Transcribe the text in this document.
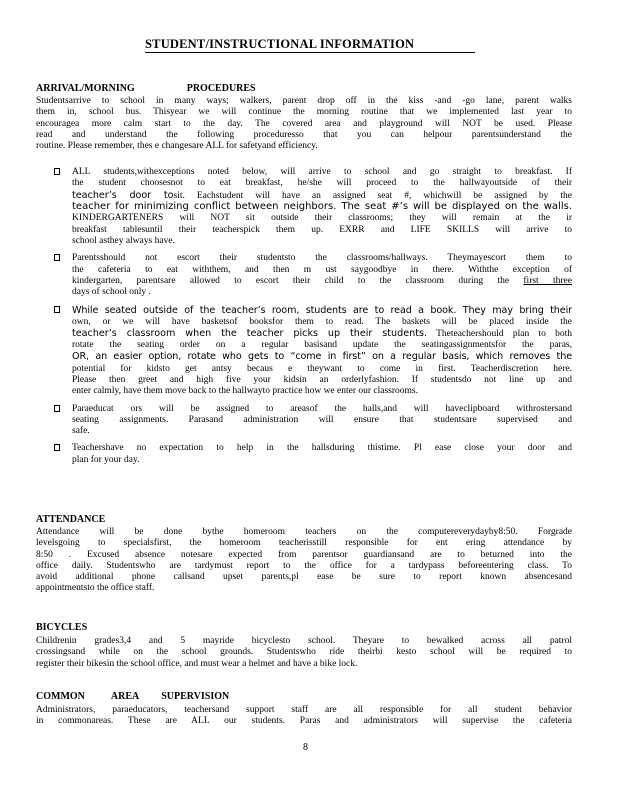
STUDENT/INSTRUCTIONAL INFORMATION
ARRIVAL/MORNING	PROCEDURES
Studentsarrive to school in many ways; walkers, parent drop off in the kiss -and -go lane, parent walks
them in, school bus. Thisyear we will continue the morning routine that we implemented last year to
encouragea more calm start to the day. The covered area and playground will NOT be used. Please
read and understand the following proceduresso that you can helpour parentsunderstand the
routine. Please remember, thes e changesare ALL for safetyand efficiency.
ALL students,withexceptions noted below, will arrive to school and go straight to breakfast. If
the student choosesnot to eat breakfast, he/she will proceed to the hallwayoutside of their
teacher’s door tosit. Eachstudent will have an assigned seat #, whichwill be assigned by the
teacher for minimizing conflict between neighbors. The seat #’s will be displayed on the walls.
KINDERGARTENERS will NOT sit outside their classrooms; they will remain at the ir
breakfast tablesuntil their teacherspick them up. EXRR and LIFE SKILLS will arrive to
school asthey always have.
Parentsshould not escort their studentsto the classrooms/hallways. Theymayescort them to
the cafeteria to eat withthem, and then m ust saygoodbye in there. Withthe exception of
kindergarten, parentsare allowed to escort their child to the classroom during the first three
days of school only .
While seated outside of the teacher’s room, students are to read a book. They may bring their
own, or we will have basketsof booksfor them to read. The baskets will be placed inside the
teacher’s classroom when the teacher picks up their students. Theteachershould plan to both
rotate the seating order on a regular basisand update the seatingassignmentsfor the paras,
OR, an easier option, rotate who gets to “come in first” on a regular basis, which removes the
potential for kidsto get antsy becaus e theywant to come in first. Teacherdiscretion here.
Please then greet and high five your kidsin an orderlyfashion. If studentsdo not line up and
enter calmly, have them move back to the hallwayto practice how we enter our classrooms.
Paraeducat ors will be assigned to areasof the halls,and will haveclipboard withrostersand
seating assignments. Parasand administration will ensure that studentsare supervised and
safe.
Teachershave no expectation to help in the hallsduring thistime. Pl ease close your door and
plan for your day.
ATTENDANCE
Attendance will be done bythe homeroom teachers on the computereverydayby8:50. Forgrade
levelsgoing to specialsfirst, the homeroom teacherisstill responsible for ent ering attendance by
8:50 . Excused absence notesare expected from parentsor guardiansand are to beturned into the
office daily. Studentswho are tardymust report to the office for a tardypass beforeentering class. To
avoid additional phone callsand upset parents,pl ease be sure to report known absencesand
appointmentsto the office staff.
BICYCLES
Childrenin grades3,4 and 5 mayride bicyclesto school. Theyare to bewalked across all patrol
crossingsand while on the school grounds. Studentswho ride theirbi kesto school will be required to
register their bikesin the school office, and must wear a helmet and have a bike lock.
COMMON	AREA SUPERVISION
Administrators, paraeducators, teachersand support staff are all responsible for all student behavior
in commonareas. These are ALL our students. Paras and administrators will supervise the cafeteria
8
